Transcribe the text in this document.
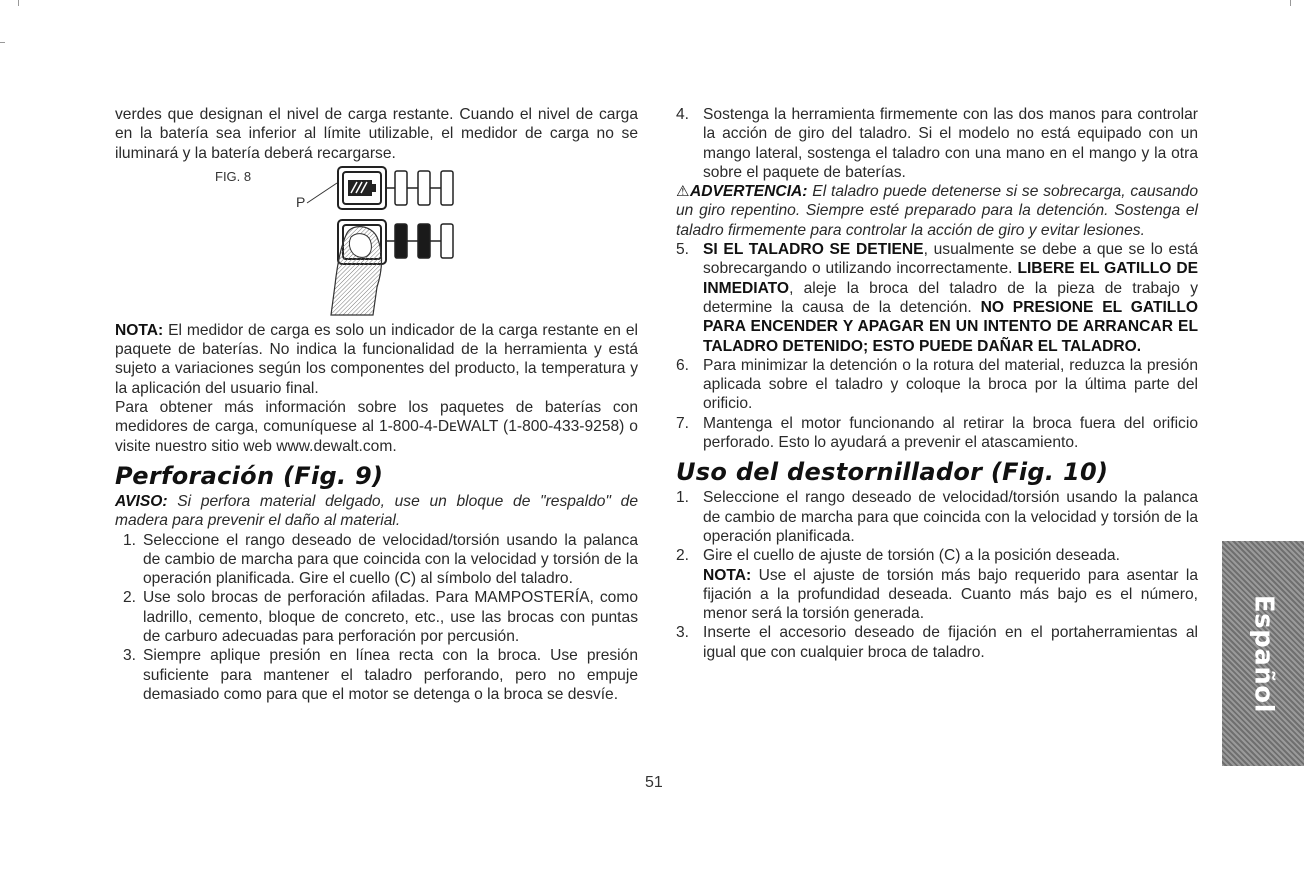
verdes que designan el nivel de carga restante. Cuando el nivel de carga en la batería sea inferior al límite utilizable, el medidor de carga no se iluminará y la batería deberá recargarse.

FIG. 8
P

NOTA: El medidor de carga es solo un indicador de la carga restante en el paquete de baterías. No indica la funcionalidad de la herramienta y está sujeto a variaciones según los componentes del producto, la temperatura y la aplicación del usuario final.

Para obtener más información sobre los paquetes de baterías con medidores de carga, comuníquese al 1-800-4-DᴇWALT (1-800-433-9258) o visite nuestro sitio web www.dewalt.com.

Perforación (Fig. 9)

AVISO: Si perfora material delgado, use un bloque de "respaldo" de madera para prevenir el daño al material.

1. Seleccione el rango deseado de velocidad/torsión usando la palanca de cambio de marcha para que coincida con la velocidad y torsión de la operación planificada. Gire el cuello (C) al símbolo del taladro.
2. Use solo brocas de perforación afiladas. Para MAMPOSTERÍA, como ladrillo, cemento, bloque de concreto, etc., use las brocas con puntas de carburo adecuadas para perforación por percusión.
3. Siempre aplique presión en línea recta con la broca. Use presión suficiente para mantener el taladro perforando, pero no empuje demasiado como para que el motor se detenga o la broca se desvíe.
4. Sostenga la herramienta firmemente con las dos manos para controlar la acción de giro del taladro. Si el modelo no está equipado con un mango lateral, sostenga el taladro con una mano en el mango y la otra sobre el paquete de baterías.

⚠ADVERTENCIA: El taladro puede detenerse si se sobrecarga, causando un giro repentino. Siempre esté preparado para la detención. Sostenga el taladro firmemente para controlar la acción de giro y evitar lesiones.

5. SI EL TALADRO SE DETIENE, usualmente se debe a que se lo está sobrecargando o utilizando incorrectamente. LIBERE EL GATILLO DE INMEDIATO, aleje la broca del taladro de la pieza de trabajo y determine la causa de la detención. NO PRESIONE EL GATILLO PARA ENCENDER Y APAGAR EN UN INTENTO DE ARRANCAR EL TALADRO DETENIDO; ESTO PUEDE DAÑAR EL TALADRO.
6. Para minimizar la detención o la rotura del material, reduzca la presión aplicada sobre el taladro y coloque la broca por la última parte del orificio.
7. Mantenga el motor funcionando al retirar la broca fuera del orificio perforado. Esto lo ayudará a prevenir el atascamiento.
Uso del destornillador (Fig. 10)
1. Seleccione el rango deseado de velocidad/torsión usando la palanca de cambio de marcha para que coincida con la velocidad y torsión de la operación planificada.
2. Gire el cuello de ajuste de torsión (C) a la posición deseada.
NOTA: Use el ajuste de torsión más bajo requerido para asentar la fijación a la profundidad deseada. Cuanto más bajo es el número, menor será la torsión generada.
3. Inserte el accesorio deseado de fijación en el portaherramientas al igual que con cualquier broca de taladro.	Español
51
